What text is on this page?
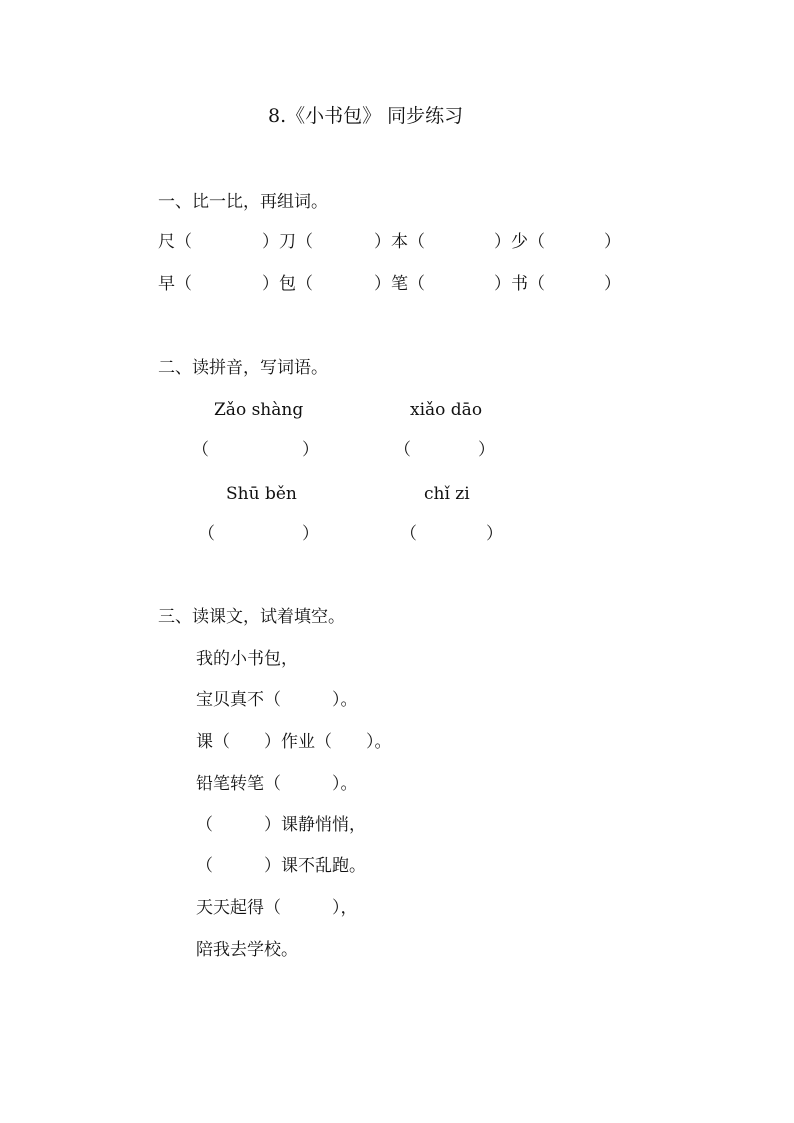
8.《小书包》 同步练习
一、比一比，再组词。
尺（	）刀（	）本（	）少（	）
早（	）包（	）笔（	）书（	）
二、读拼音，写词语。
Zǎo shàng	xiǎo dāo
（	）	（	）
Shū běn	chǐ zi
（	）	（	）
三、读课文，试着填空。
我的小书包，
宝贝真不（　　　）。
课（　　）作业（　　）。
铅笔转笔（　　　）。
（　　　）课静悄悄，
（　　　）课不乱跑。
天天起得（　　　），
陪我去学校。
